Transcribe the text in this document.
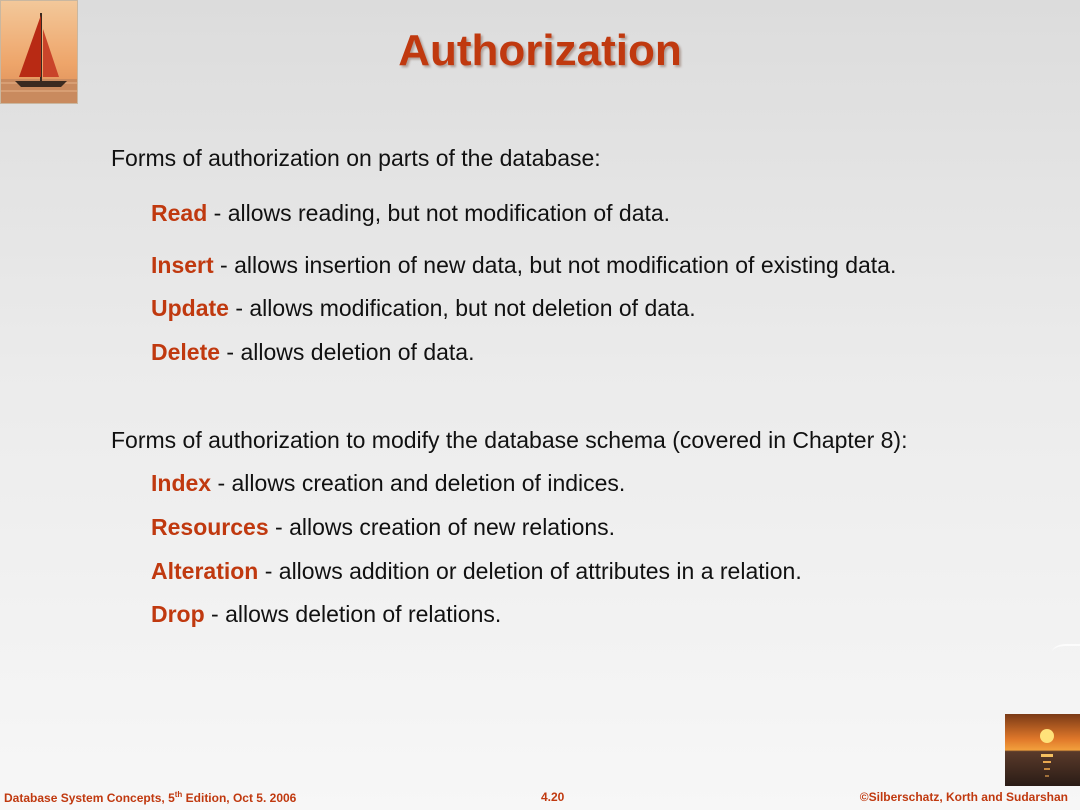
Authorization
Forms of authorization on parts of the database:
Read - allows reading, but not modification of data.
Insert - allows insertion of new data, but not modification of existing data.
Update - allows modification, but not deletion of data.
Delete - allows deletion of data.
Forms of authorization to modify the database schema (covered in Chapter 8):
Index - allows creation and deletion of indices.
Resources - allows creation of new relations.
Alteration - allows addition or deletion of attributes in a relation.
Drop - allows deletion of relations.
Database System Concepts, 5th Edition, Oct 5. 2006	4.20	©Silberschatz, Korth and Sudarshan
